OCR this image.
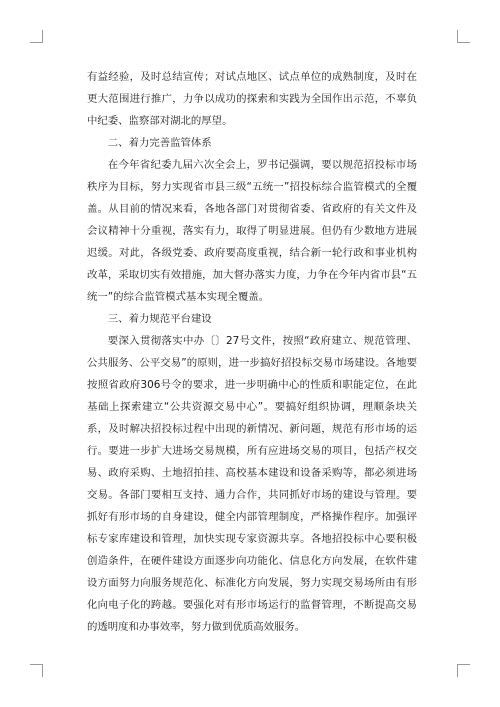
有益经验，及时总结宣传；对试点地区、试点单位的成熟制度，及时在更大范围进行推广，力争以成功的探索和实践为全国作出示范，不辜负中纪委、监察部对湖北的厚望。

二、着力完善监管体系

在今年省纪委九届六次全会上，罗书记强调，要以规范招投标市场秩序为目标，努力实现省市县三级“五统一”招投标综合监管模式的全覆盖。从目前的情况来看，各地各部门对贯彻省委、省政府的有关文件及会议精神十分重视，落实有力，取得了明显进展。但仍有少数地方进展迟缓。对此，各级党委、政府要高度重视，结合新一轮行政和事业机构改革，采取切实有效措施，加大督办落实力度，力争在今年内省市县“五统一”的综合监管模式基本实现全覆盖。

三、着力规范平台建设

要深入贯彻落实中办〔〕27号文件，按照“政府建立、规范管理、公共服务、公平交易”的原则，进一步搞好招投标交易市场建设。各地要按照省政府306号令的要求，进一步明确中心的性质和职能定位，在此基础上探索建立“公共资源交易中心”。要搞好组织协调，理顺条块关系，及时解决招投标过程中出现的新情况、新问题，规范有形市场的运行。要进一步扩大进场交易规模，所有应进场交易的项目，包括产权交易、政府采购、土地招拍挂、高校基本建设和设备采购等，都必须进场交易。各部门要相互支持、通力合作，共同抓好市场的建设与管理。要抓好有形市场的自身建设，健全内部管理制度，严格操作程序。加强评标专家库建设和管理，加快实现专家资源共享。各地招投标中心要积极创造条件，在硬件建设方面逐步向功能化、信息化方向发展，在软件建设方面努力向服务规范化、标准化方向发展，努力实现交易场所由有形化向电子化的跨越。要强化对有形市场运行的监督管理，不断提高交易的透明度和办事效率，努力做到优质高效服务。
